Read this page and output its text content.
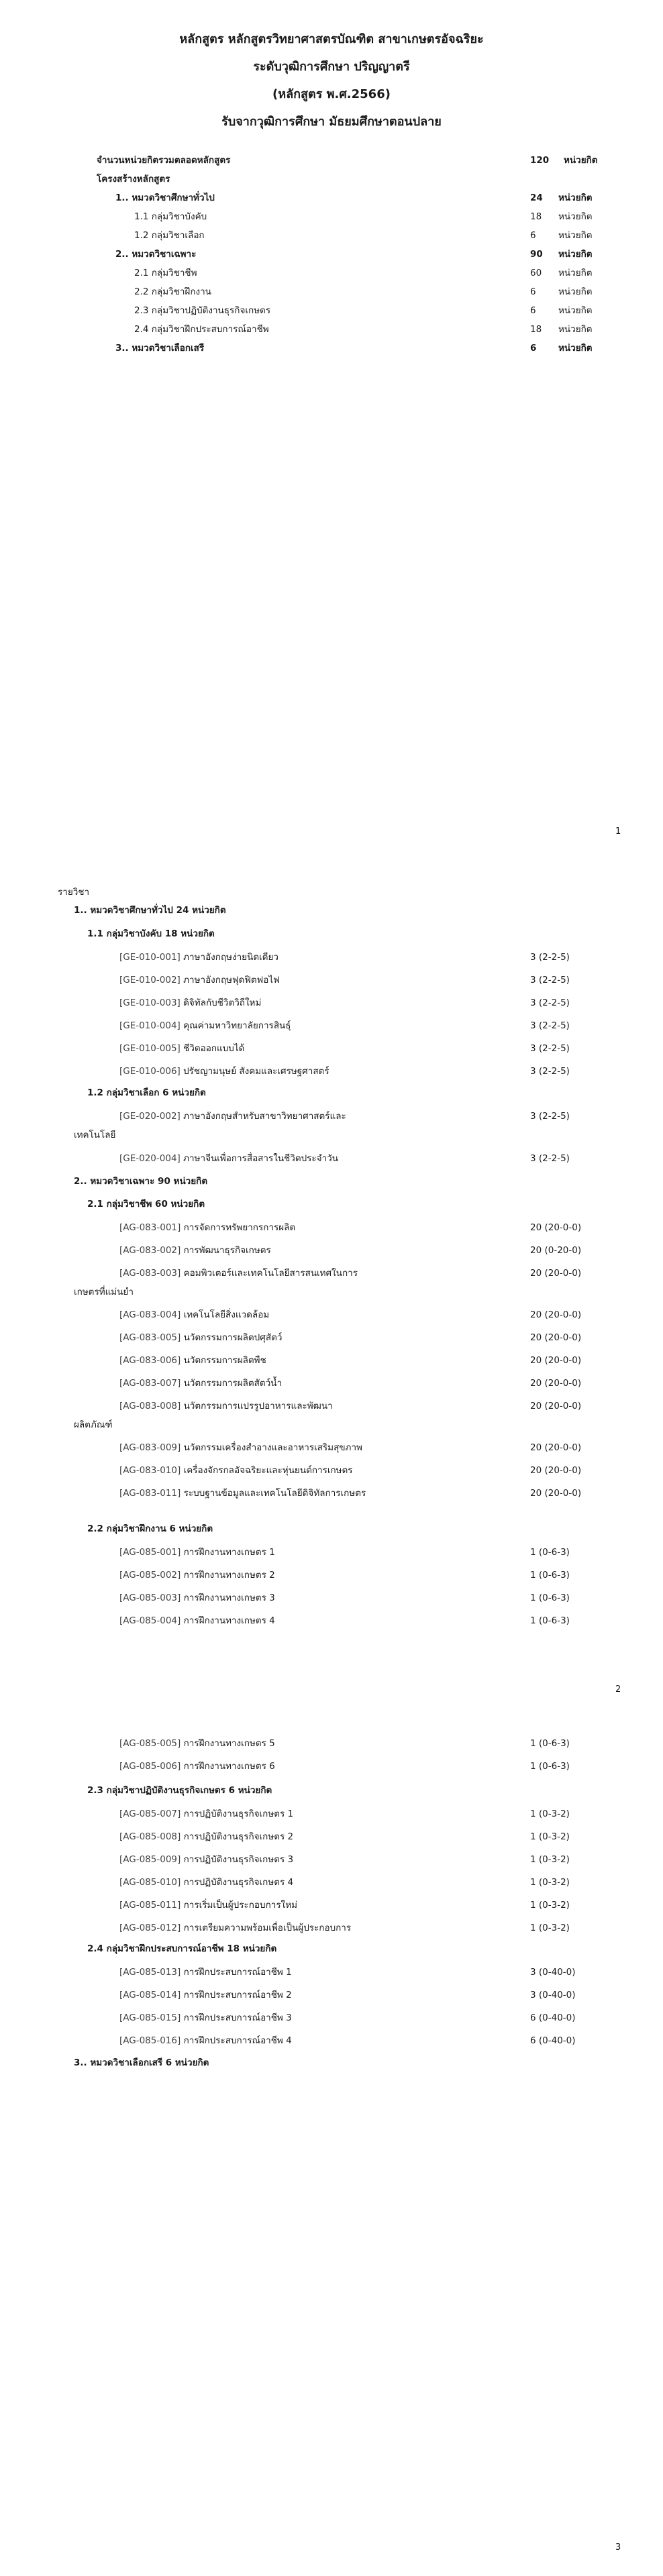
หลักสูตร หลักสูตรวิทยาศาสตรบัณฑิต สาขาเกษตรอัจฉริยะ
ระดับวุฒิการศึกษา ปริญญาตรี
(หลักสูตร พ.ศ.2566)
รับจากวุฒิการศึกษา มัธยมศึกษาตอนปลาย
จำนวนหน่วยกิตรวมตลอดหลักสูตร	120 หน่วยกิต
โครงสร้างหลักสูตร
1.. หมวดวิชาศึกษาทั่วไป	24 หน่วยกิต
1.1 กลุ่มวิชาบังคับ	18 หน่วยกิต
1.2 กลุ่มวิชาเลือก	6 หน่วยกิต
2.. หมวดวิชาเฉพาะ	90 หน่วยกิต
2.1 กลุ่มวิชาชีพ	60 หน่วยกิต
2.2 กลุ่มวิชาฝึกงาน	6 หน่วยกิต
2.3 กลุ่มวิชาปฏิบัติงานธุรกิจเกษตร	6 หน่วยกิต
2.4 กลุ่มวิชาฝึกประสบการณ์อาชีพ	18 หน่วยกิต
3.. หมวดวิชาเลือกเสรี	6 หน่วยกิต
1
รายวิชา
1.. หมวดวิชาศึกษาทั่วไป 24 หน่วยกิต
1.1 กลุ่มวิชาบังคับ 18 หน่วยกิต
[GE-010-001] ภาษาอังกฤษง่ายนิดเดียว	3 (2-2-5)
[GE-010-002] ภาษาอังกฤษฟุดฟิตฟอไฟ	3 (2-2-5)
[GE-010-003] ดิจิทัลกับชีวิตวิถีใหม่	3 (2-2-5)
[GE-010-004] คุณค่ามหาวิทยาลัยการสินธุ์	3 (2-2-5)
[GE-010-005] ชีวิตออกแบบได้	3 (2-2-5)
[GE-010-006] ปรัชญามนุษย์ สังคมและเศรษฐศาสตร์	3 (2-2-5)
1.2 กลุ่มวิชาเลือก 6 หน่วยกิต
[GE-020-002] ภาษาอังกฤษสำหรับสาขาวิทยาศาสตร์และ
เทคโนโลยี
3 (2-2-5)
[GE-020-004] ภาษาจีนเพื่อการสื่อสารในชีวิตประจำวัน	3 (2-2-5)
2.. หมวดวิชาเฉพาะ 90 หน่วยกิต
2.1 กลุ่มวิชาชีพ 60 หน่วยกิต
[AG-083-001] การจัดการทรัพยากรการผลิต	20 (20-0-0)
[AG-083-002] การพัฒนาธุรกิจเกษตร	20 (0-20-0)
[AG-083-003] คอมพิวเตอร์และเทคโนโลยีสารสนเทศในการ	20 (20-0-0)
เกษตรที่แม่นยำ
[AG-083-004] เทคโนโลยีสิ่งแวดล้อม	20 (20-0-0)
[AG-083-005] นวัตกรรมการผลิตปศุสัตว์	20 (20-0-0)
[AG-083-006] นวัตกรรมการผลิตพืช	20 (20-0-0)
[AG-083-007] นวัตกรรมการผลิตสัตว์น้ำ	20 (20-0-0)
[AG-083-008] นวัตกรรมการแปรรูปอาหารและพัฒนา	20 (20-0-0)
ผลิตภัณฑ์
[AG-083-009] นวัตกรรมเครื่องสำอางและอาหารเสริมสุขภาพ	20 (20-0-0)
[AG-083-010] เครื่องจักรกลอัจฉริยะและหุ่นยนต์การเกษตร	20 (20-0-0)
[AG-083-011] ระบบฐานข้อมูลและเทคโนโลยีดิจิทัลการเกษตร	20 (20-0-0)
2.2 กลุ่มวิชาฝึกงาน 6 หน่วยกิต
[AG-085-001] การฝึกงานทางเกษตร 1	1 (0-6-3)
[AG-085-002] การฝึกงานทางเกษตร 2	1 (0-6-3)
[AG-085-003] การฝึกงานทางเกษตร 3	1 (0-6-3)
[AG-085-004] การฝึกงานทางเกษตร 4	1 (0-6-3)
2
[AG-085-005] การฝึกงานทางเกษตร 5	1 (0-6-3)
[AG-085-006] การฝึกงานทางเกษตร 6	1 (0-6-3)
2.3 กลุ่มวิชาปฏิบัติงานธุรกิจเกษตร 6 หน่วยกิต
[AG-085-007] การปฏิบัติงานธุรกิจเกษตร 1	1 (0-3-2)
[AG-085-008] การปฏิบัติงานธุรกิจเกษตร 2	1 (0-3-2)
[AG-085-009] การปฏิบัติงานธุรกิจเกษตร 3	1 (0-3-2)
[AG-085-010] การปฏิบัติงานธุรกิจเกษตร 4	1 (0-3-2)
[AG-085-011] การเริ่มเป็นผู้ประกอบการใหม่	1 (0-3-2)
[AG-085-012] การเตรียมความพร้อมเพื่อเป็นผู้ประกอบการ	1 (0-3-2)
2.4 กลุ่มวิชาฝึกประสบการณ์อาชีพ 18 หน่วยกิต
[AG-085-013] การฝึกประสบการณ์อาชีพ 1	3 (0-40-0)
[AG-085-014] การฝึกประสบการณ์อาชีพ 2	3 (0-40-0)
[AG-085-015] การฝึกประสบการณ์อาชีพ 3	6 (0-40-0)
[AG-085-016] การฝึกประสบการณ์อาชีพ 4	6 (0-40-0)
3.. หมวดวิชาเลือกเสรี 6 หน่วยกิต
3
